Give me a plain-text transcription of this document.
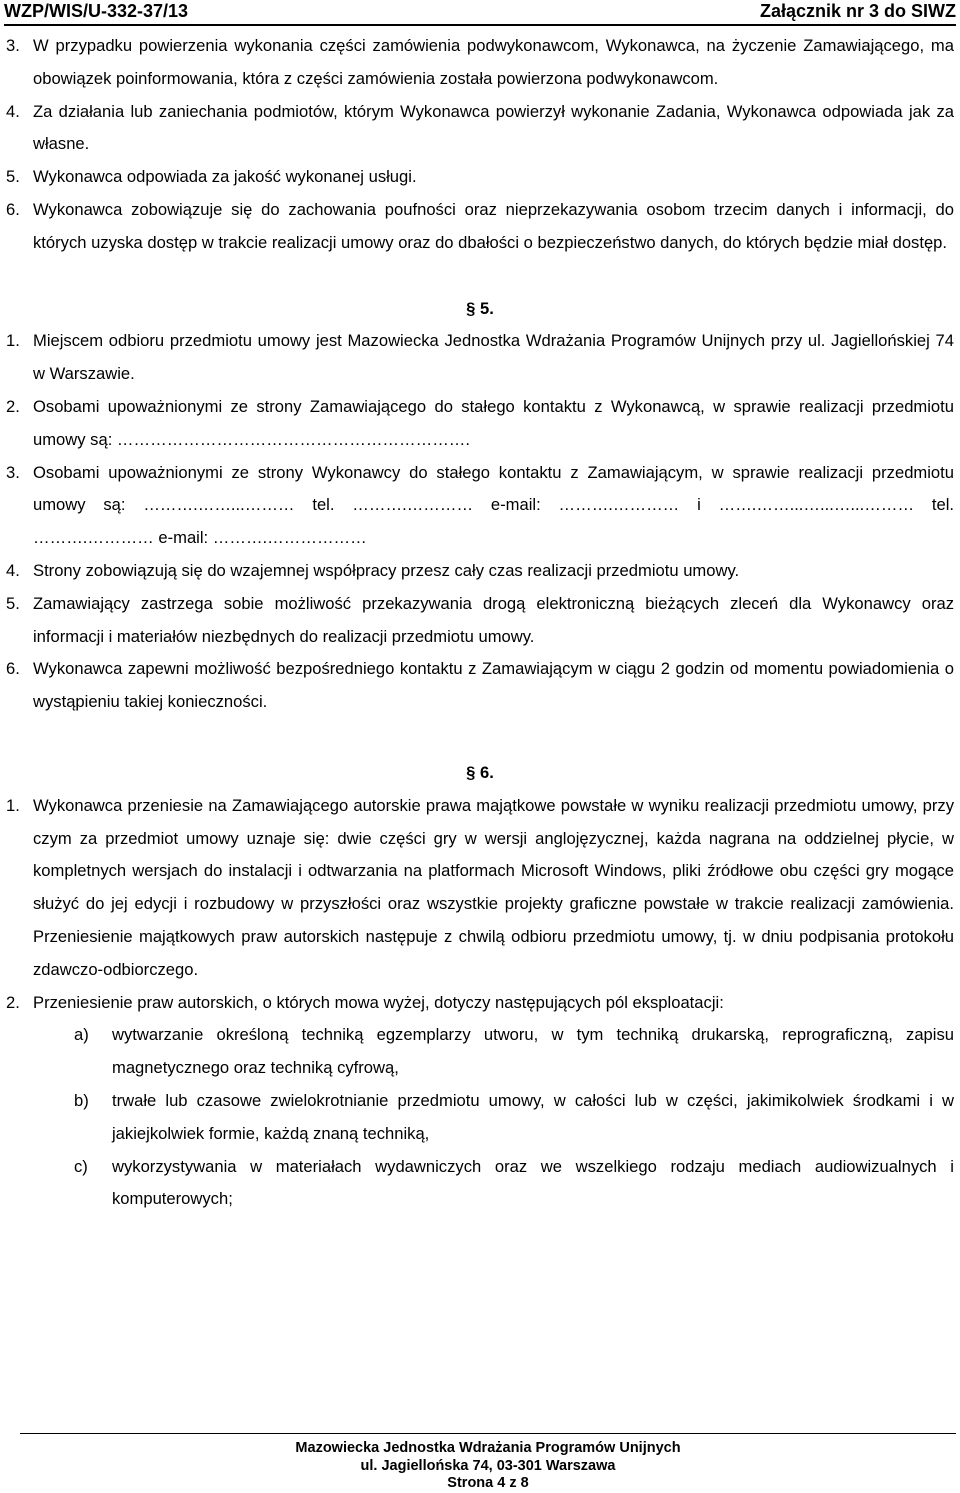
WZP/WIS/U-332-37/13	Załącznik nr 3 do SIWZ

3. W przypadku powierzenia wykonania części zamówienia podwykonawcom, Wykonawca, na życzenie Zamawiającego, ma obowiązek poinformowania, która z części zamówienia została powierzona podwykonawcom.

4. Za działania lub zaniechania podmiotów, którym Wykonawca powierzył wykonanie Zadania, Wykonawca odpowiada jak za własne.

5. Wykonawca odpowiada za jakość wykonanej usługi.

6. Wykonawca zobowiązuje się do zachowania poufności oraz nieprzekazywania osobom trzecim danych i informacji, do których uzyska dostęp w trakcie realizacji umowy oraz do dbałości o bezpieczeństwo danych, do których będzie miał dostęp.

§ 5.

1. Miejscem odbioru przedmiotu umowy jest Mazowiecka Jednostka Wdrażania Programów Unijnych przy ul. Jagiellońskiej 74 w Warszawie.

2. Osobami upoważnionymi ze strony Zamawiającego do stałego kontaktu z Wykonawcą, w sprawie realizacji przedmiotu umowy są: ……………………………………………………….

3. Osobami upoważnionymi ze strony Wykonawcy do stałego kontaktu z Zamawiającym, w sprawie realizacji przedmiotu umowy są: ……….……...……… tel. ……….………… e-mail: ……….………… i …….……...…...…...……… tel. ……….………… e-mail: ……….………………

4. Strony zobowiązują się do wzajemnej współpracy przesz cały czas realizacji przedmiotu umowy.

5. Zamawiający zastrzega sobie możliwość przekazywania drogą elektroniczną bieżących zleceń dla Wykonawcy oraz informacji i materiałów niezbędnych do realizacji przedmiotu umowy.

6. Wykonawca zapewni możliwość bezpośredniego kontaktu z Zamawiającym w ciągu 2 godzin od momentu powiadomienia o wystąpieniu takiej konieczności.

§ 6.

1. Wykonawca przeniesie na Zamawiającego autorskie prawa majątkowe powstałe w wyniku realizacji przedmiotu umowy, przy czym za przedmiot umowy uznaje się: dwie części gry w wersji anglojęzycznej, każda nagrana na oddzielnej płycie, w kompletnych wersjach do instalacji i odtwarzania na platformach Microsoft Windows, pliki źródłowe obu części gry mogące służyć do jej edycji i rozbudowy w przyszłości oraz wszystkie projekty graficzne powstałe w trakcie realizacji zamówienia. Przeniesienie majątkowych praw autorskich następuje z chwilą odbioru przedmiotu umowy, tj. w dniu podpisania protokołu zdawczo-odbiorczego.

2. Przeniesienie praw autorskich, o których mowa wyżej, dotyczy następujących pól eksploatacji:

a) wytwarzanie określoną techniką egzemplarzy utworu, w tym techniką drukarską, reprograficzną, zapisu magnetycznego oraz techniką cyfrową,

b) trwałe lub czasowe zwielokrotnianie przedmiotu umowy, w całości lub w części, jakimikolwiek środkami i w jakiejkolwiek formie, każdą znaną techniką,

c) wykorzystywania w materiałach wydawniczych oraz we wszelkiego rodzaju mediach audiowizualnych i komputerowych;

Mazowiecka Jednostka Wdrażania Programów Unijnych
ul. Jagiellońska 74, 03-301 Warszawa
Strona 4 z 8
